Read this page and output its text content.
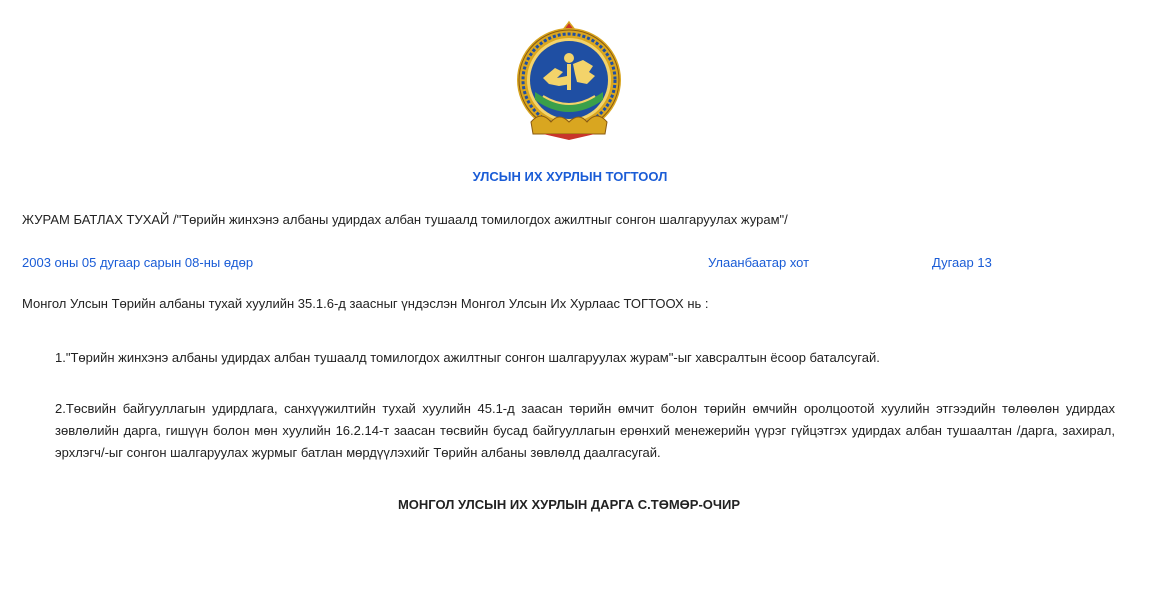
УЛСЫН ИХ ХУРЛЫН ТОГТООЛ
ЖУРАМ БАТЛАХ ТУХАЙ /"Төрийн жинхэнэ албаны удирдах албан тушаалд томилогдох ажилтныг сонгон шалгаруулах журам"/
2003 оны 05 дугаар сарын 08-ны өдөр	Улаанбаатар хот	Дугаар 13
Монгол Улсын Төрийн албаны тухай хуулийн 35.1.6-д заасныг үндэслэн Монгол Улсын Их Хурлаас ТОГТООХ нь :
1."Төрийн жинхэнэ албаны удирдах албан тушаалд томилогдох ажилтныг сонгон шалгаруулах журам"-ыг хавсралтын ёсоор баталсугай.
2.Төсвийн байгууллагын удирдлага, санхүүжилтийн тухай хуулийн 45.1-д заасан төрийн өмчит болон төрийн өмчийн оролцоотой хуулийн этгээдийн төлөөлөн удирдах зөвлөлийн дарга, гишүүн болон мөн хуулийн 16.2.14-т заасан төсвийн бусад байгууллагын ерөнхий менежерийн үүрэг гүйцэтгэх удирдах албан тушаалтан /дарга, захирал, эрхлэгч/-ыг сонгон шалгаруулах журмыг батлан мөрдүүлэхийг Төрийн албаны зөвлөлд даалгасугай.
МОНГОЛ УЛСЫН ИХ ХУРЛЫН ДАРГА С.ТӨМӨР-ОЧИР
